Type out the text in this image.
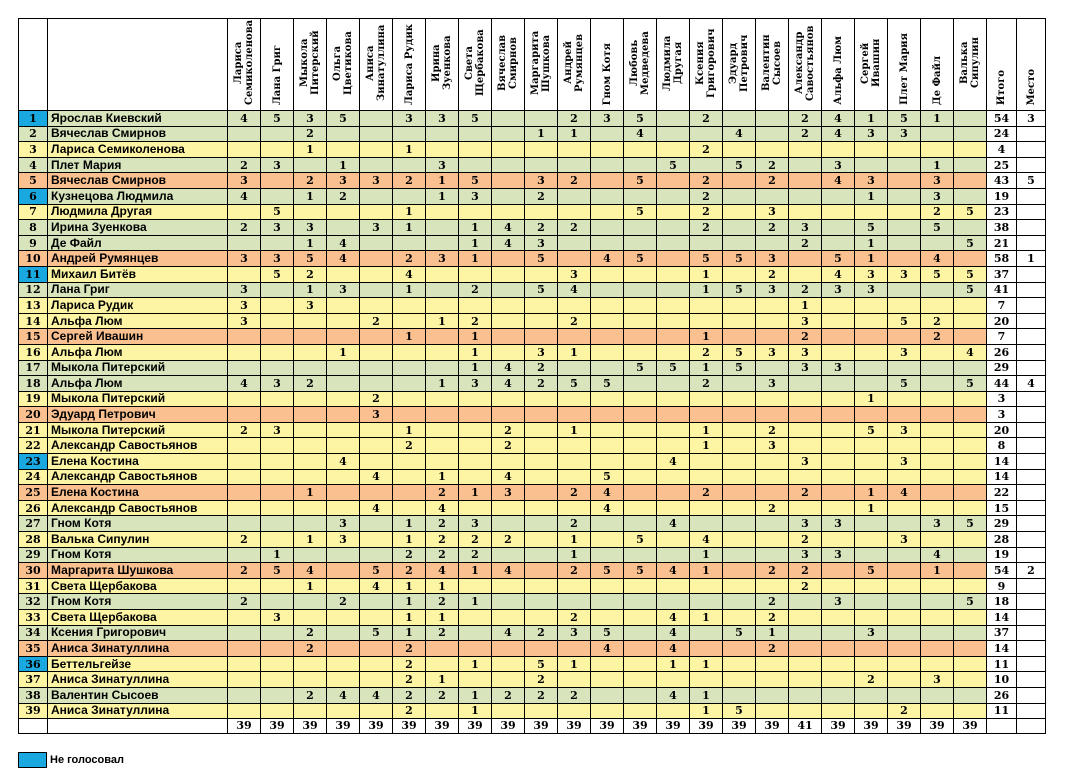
		Лариса Семиколенова	Лана Григ	Мыкола Питерский	Ольга Цветикова	Аниса Зинатуллина	Лариса Рудик	Ирина Зуенкова	Света Щербакова	Вячеслав Смирнов	Маргарита Шушкова	Андрей Румянцев	Гном Котя	Любовь Медведева	Людмила Другая	Ксения Григорович	Эдуард Петрович	Валентин Сысоев	Александр Савостьянов	Альфа Люм	Сергей Ивашин	Плет Мария	Де Файл	Валька Сипулин	Итого	Место
1	Ярослав Киевский	4	5	3	5		3	3	5			2	3	5		2			2	4	1	5	1		54	3
2	Вячеслав Смирнов			2							1	1		4			4		2	4	3	3			24	
3	Лариса Семиколенова			1			1									2									4	
4	Плет Мария	2	3		1			3							5		5	2		3			1		25	
5	Вячеслав Смирнов	3		2	3	3	2	1	5		3	2		5		2		2		4	3		3		43	5
6	Кузнецова Людмила	4		1	2			1	3		2					2					1		3		19	
7	Людмила Другая		5				1							5		2		3					2	5	23	
8	Ирина Зуенкова	2	3	3		3	1		1	4	2	2				2		2	3		5		5		38	
9	Де Файл			1	4				1	4	3								2		1			5	21	
10	Андрей Румянцев	3	3	5	4		2	3	1		5		4	5		5	5	3		5	1		4		58	1
11	Михаил Битёв		5	2			4					3				1		2		4	3	3	5	5	37	
12	Лана Григ	3		1	3		1		2		5	4				1	5	3	2	3	3			5	41	
13	Лариса Рудик	3		3															1						7	
14	Альфа Люм	3				2		1	2			2							3			5	2		20	
15	Сергей Ивашин						1		1							1			2				2		7	
16	Альфа Люм				1				1		3	1				2	5	3	3			3		4	26	
17	Мыкола Питерский								1	4	2			5	5	1	5		3	3					29	
18	Альфа Люм	4	3	2				1	3	4	2	5	5			2		3				5		5	44	4
19	Мыкола Питерский					2															1				3	
20	Эдуард Петрович					3																			3	
21	Мыкола Питерский	2	3				1			2		1				1		2			5	3			20	
22	Александр Савостьянов						2			2						1		3							8	
23	Елена Костина				4										4				3			3			14	
24	Александр Савостьянов					4		1		4			5												14	
25	Елена Костина			1				2	1	3		2	4			2			2		1	4			22	
26	Александр Савостьянов					4		4					4					2			1				15	
27	Гном Котя				3		1	2	3			2			4				3	3			3	5	29	
28	Валька Сипулин	2		1	3		1	2	2	2		1		5		4			2			3			28	
29	Гном Котя		1				2	2	2			1				1			3	3			4		19	
30	Маргарита Шушкова	2	5	4		5	2	4	1	4		2	5	5	4	1		2	2		5		1		54	2
31	Света Щербакова			1		4	1	1											2						9	
32	Гном Котя	2			2		1	2	1									2		3				5	18	
33	Света Щербакова		3				1	1				2			4	1		2							14	
34	Ксения Григорович			2		5	1	2		4	2	3	5		4		5	1			3				37	
35	Аниса Зинатуллина			2			2						4		4			2							14	
36	Беттельгейзе						2		1		5	1			1	1									11	
37	Аниса Зинатуллина						2	1			2										2		3		10	
38	Валентин Сысоев			2	4	4	2	2	1	2	2	2			4	1									26	
39	Аниса Зинатуллина						2		1							1	5					2			11	
		39	39	39	39	39	39	39	39	39	39	39	39	39	39	39	39	39	41	39	39	39	39	39		
Не голосовал
